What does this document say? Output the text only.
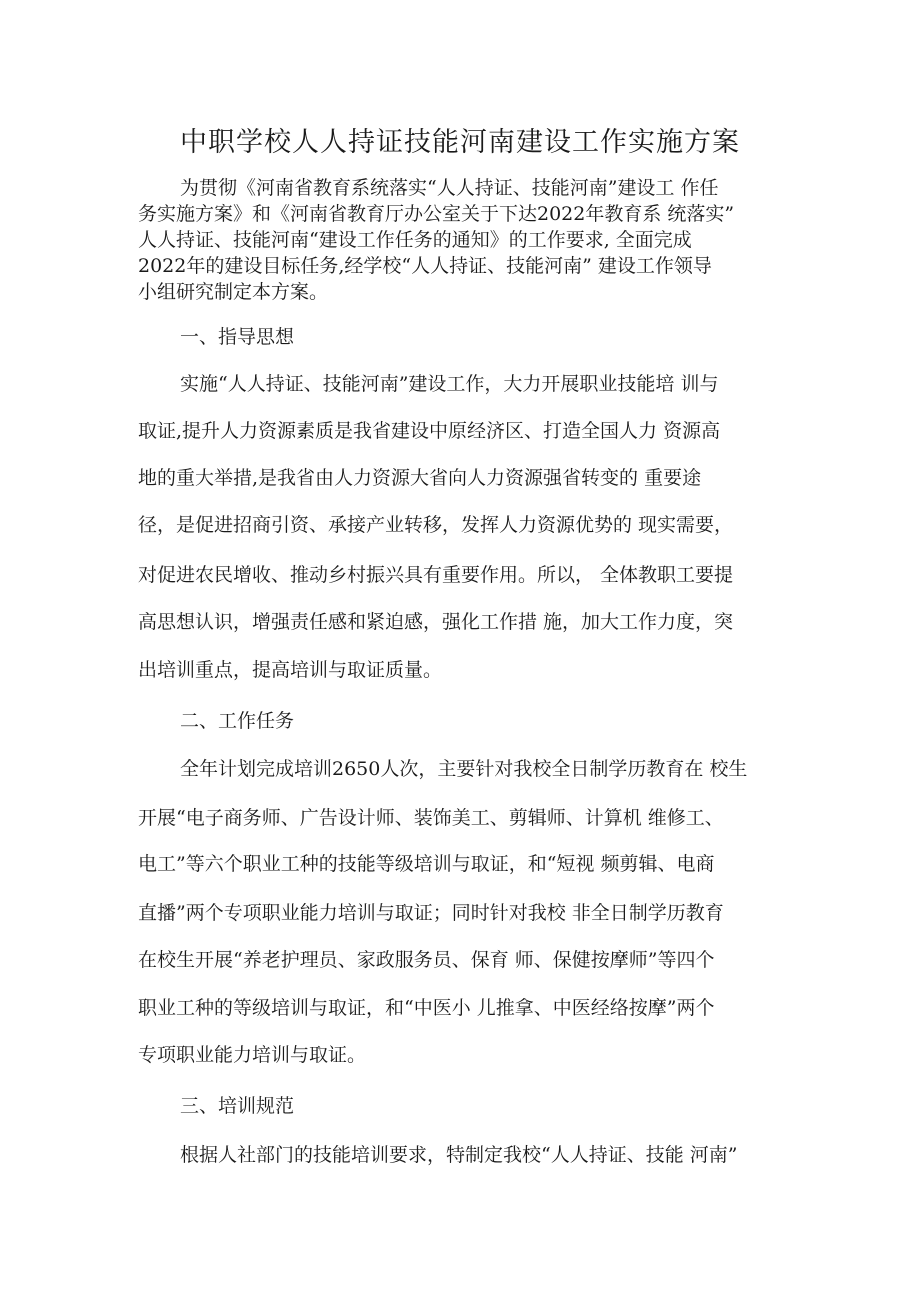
中职学校人人持证技能河南建设工作实施方案
为贯彻《河南省教育系统落实“人人持证、技能河南”建设工 作任
务实施方案》和《河南省教育厅办公室关于下达2022年教育系 统落实”
人人持证、技能河南“建设工作任务的通知》的工作要求, 全面完成
2022年的建设目标任务,经学校“人人持证、技能河南” 建设工作领导
小组研究制定本方案。
一、指导思想
实施“人人持证、技能河南”建设工作，大力开展职业技能培 训与
取证,提升人力资源素质是我省建设中原经济区、打造全国人力 资源高
地的重大举措,是我省由人力资源大省向人力资源强省转变的 重要途
径，是促进招商引资、承接产业转移，发挥人力资源优势的 现实需要，
对促进农民增收、推动乡村振兴具有重要作用。所以， 全体教职工要提
高思想认识，增强责任感和紧迫感，强化工作措 施，加大工作力度，突
出培训重点，提高培训与取证质量。
二、工作任务
全年计划完成培训2650人次，主要针对我校全日制学历教育在 校生
开展“电子商务师、广告设计师、装饰美工、剪辑师、计算机 维修工、
电工”等六个职业工种的技能等级培训与取证，和“短视 频剪辑、电商
直播”两个专项职业能力培训与取证；同时针对我校 非全日制学历教育
在校生开展“养老护理员、家政服务员、保育 师、保健按摩师”等四个
职业工种的等级培训与取证，和“中医小 儿推拿、中医经络按摩”两个
专项职业能力培训与取证。
三、培训规范
根据人社部门的技能培训要求，特制定我校“人人持证、技能 河南”
